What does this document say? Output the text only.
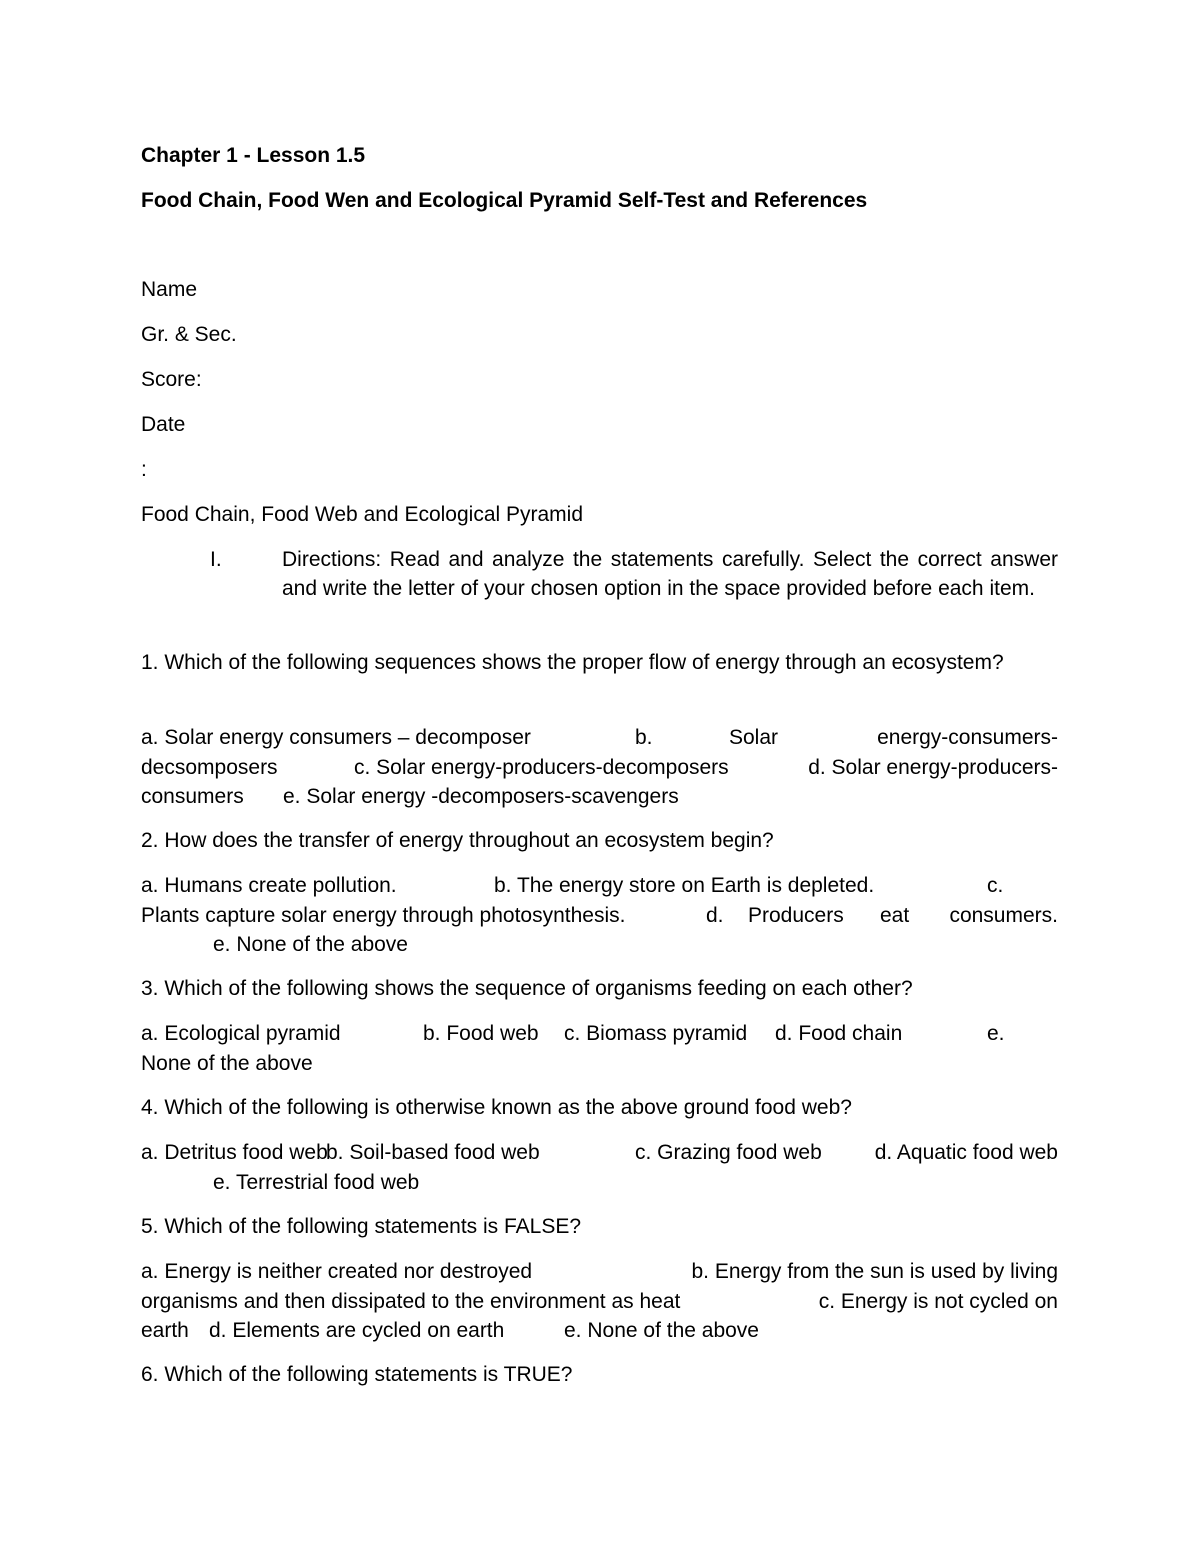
Chapter 1 - Lesson 1.5
Food Chain, Food Wen and Ecological Pyramid Self-Test and References
Name
Gr. & Sec.
Score:
Date
:
Food Chain, Food Web and Ecological Pyramid
I.	Directions: Read and analyze the statements carefully. Select the correct answer and write the letter of your chosen option in the space provided before each item.
1. Which of the following sequences shows the proper flow of energy through an ecosystem?
a. Solar energy consumers – decomposer	b.	Solar	energy-consumers-
decsomposers	c. Solar energy-producers-decomposers	d. Solar energy-producers-
consumers e. Solar energy -decomposers-scavengers
2. How does the transfer of energy throughout an ecosystem begin?
a. Humans create pollution.	b. The energy store on Earth is depleted.	c.
Plants capture solar energy through photosynthesis.	d. Producers eat consumers.
e. None of the above
3. Which of the following shows the sequence of organisms feeding on each other?
a. Ecological pyramid	b. Food web c. Biomass pyramid d. Food chain	e.
None of the above
4. Which of the following is otherwise known as the above ground food web?
a. Detritus food web
b. Soil-based food web	c. Grazing food web	d. Aquatic food web
e. Terrestrial food web
5. Which of the following statements is FALSE?
a. Energy is neither created nor destroyed	b. Energy from the sun is used by living
organisms and then dissipated to the environment as heat	c. Energy is not cycled on
earth d. Elements are cycled on earth	e. None of the above
6. Which of the following statements is TRUE?
